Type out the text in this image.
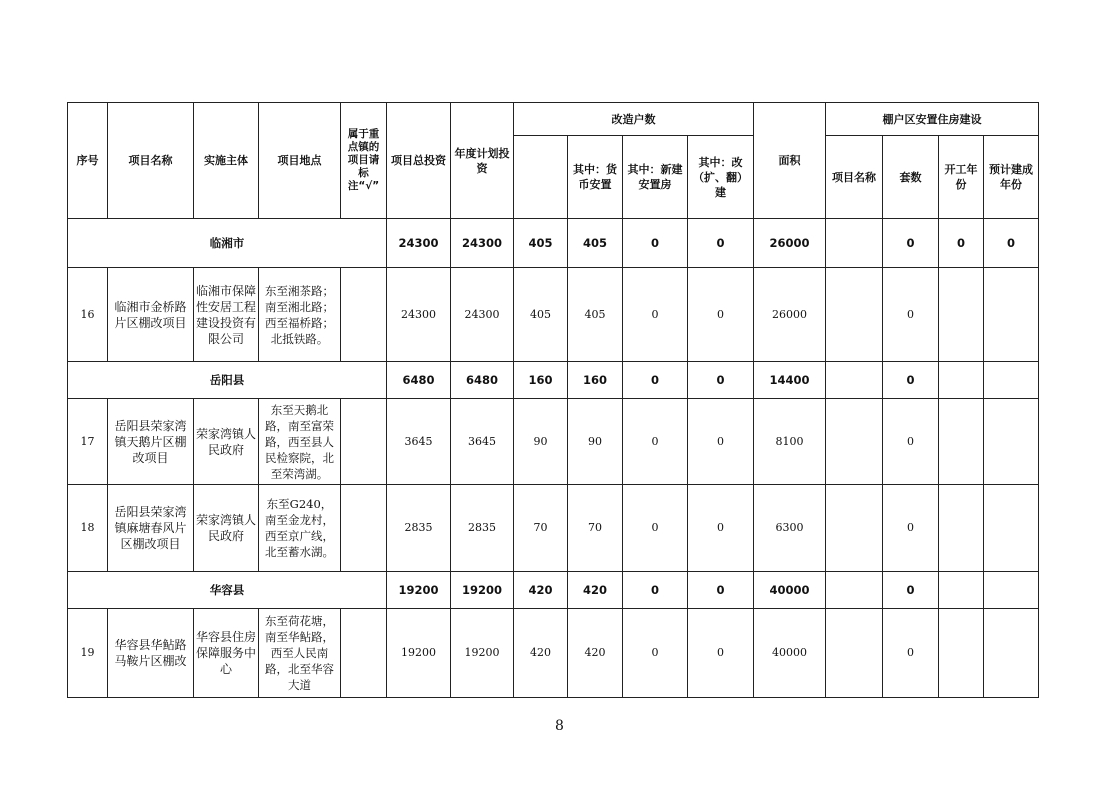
序号	项目名称	实施主体	项目地点	属于重点镇的项目请标注“√”	项目总投资	年度计划投资	改造户数				面积	棚户区安置住房建设			
								其中：货币安置	其中：新建安置房	其中：改（扩、翻）建		项目名称	套数	开工年份	预计建成年份
临湘市					24300	24300	405	405	0	0	26000		0	0	0
16	临湘市金桥路片区棚改项目	临湘市保障性安居工程建设投资有限公司	东至湘茶路；南至湘北路；西至福桥路；北抵铁路。		24300	24300	405	405	0	0	26000		0		
岳阳县					6480	6480	160	160	0	0	14400		0		
17	岳阳县荣家湾镇天鹅片区棚改项目	荣家湾镇人民政府	东至天鹅北路，南至富荣路，西至县人民检察院，北至荣湾湖。		3645	3645	90	90	0	0	8100		0		
18	岳阳县荣家湾镇麻塘春风片区棚改项目	荣家湾镇人民政府	东至G240，南至金龙村，西至京广线，北至蓄水湖。		2835	2835	70	70	0	0	6300		0		
华容县					19200	19200	420	420	0	0	40000		0		
19	华容县华鲇路马鞍片区棚改	华容县住房保障服务中心	东至荷花塘，南至华鲇路，西至人民南路，北至华容大道		19200	19200	420	420	0	0	40000		0		
8
